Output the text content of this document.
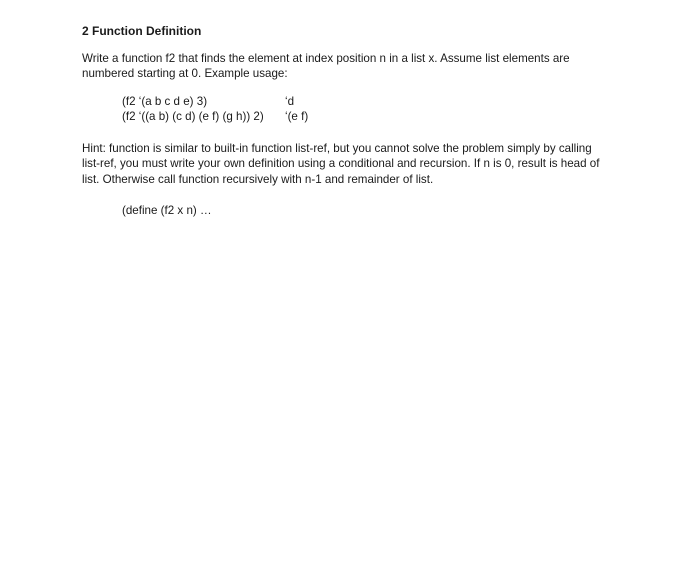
2 Function Definition

Write a function f2 that finds the element at index position n in a list x. Assume list elements are numbered starting at 0. Example usage:

(f2 ‘(a b c d e) 3)	‘d
(f2 ‘((a b) (c d) (e f) (g h)) 2)	‘(e f)

Hint: function is similar to built-in function list-ref, but you cannot solve the problem simply by calling list-ref, you must write your own definition using a conditional and recursion. If n is 0, result is head of list. Otherwise call function recursively with n-1 and remainder of list.

(define (f2 x n) …
